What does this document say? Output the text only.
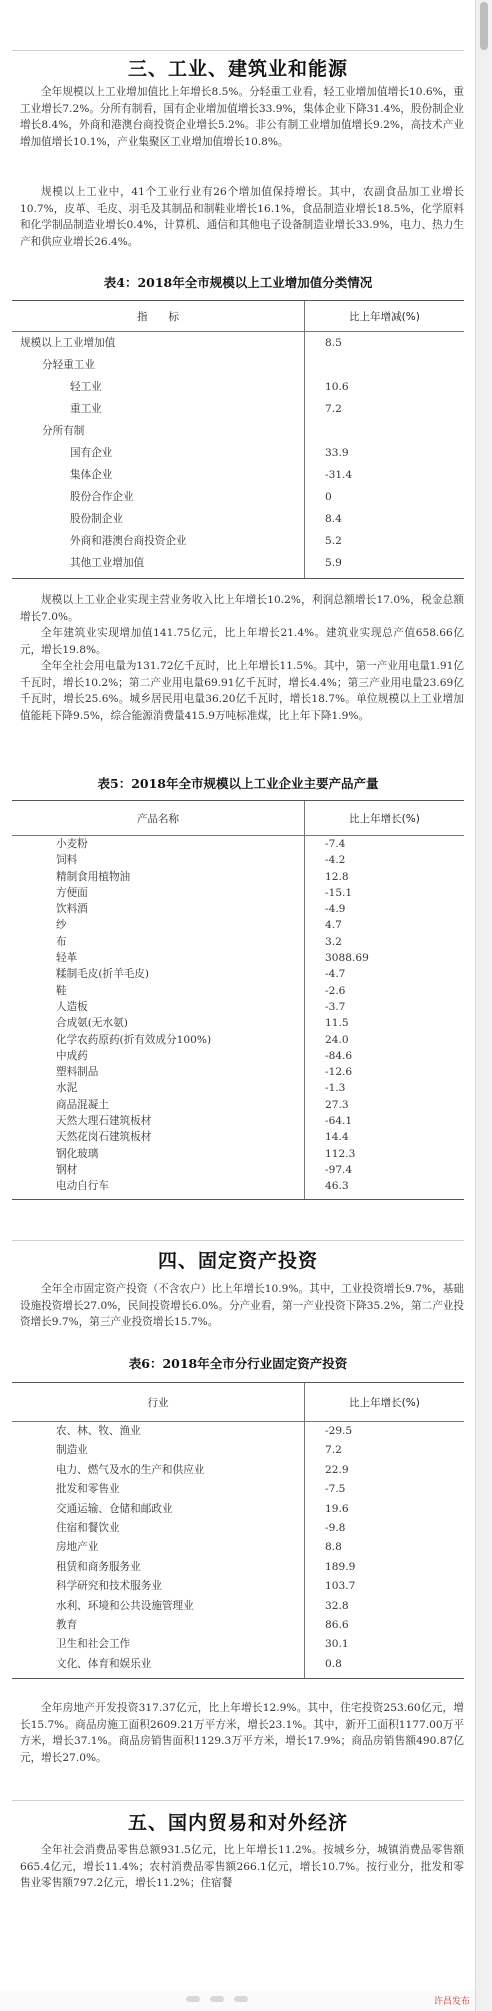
三、工业、建筑业和能源

全年规模以上工业增加值比上年增长8.5%。分轻重工业看，轻工业增加值增长10.6%，重工业增长7.2%。分所有制看，国有企业增加值增长33.9%，集体企业下降31.4%，股份制企业增长8.4%，外商和港澳台商投资企业增长5.2%。非公有制工业增加值增长9.2%，高技术产业增加值增长10.1%，产业集聚区工业增加值增长10.8%。

规模以上工业中，41个工业行业有26个增加值保持增长。其中，农副食品加工业增长10.7%，皮革、毛皮、羽毛及其制品和制鞋业增长16.1%，食品制造业增长18.5%，化学原料和化学制品制造业增长0.4%，计算机、通信和其他电子设备制造业增长33.9%，电力、热力生产和供应业增长26.4%。

表4：2018年全市规模以上工业增加值分类情况

指　　标	比上年增减(%)
规模以上工业增加值	8.5
分轻重工业
轻工业	10.6
重工业	7.2
分所有制
国有企业	33.9
集体企业	-31.4
股份合作企业	0
股份制企业	8.4
外商和港澳台商投资企业	5.2
其他工业增加值	5.9

规模以上工业企业实现主营业务收入比上年增长10.2%，利润总额增长17.0%，税金总额增长7.0%。

全年建筑业实现增加值141.75亿元，比上年增长21.4%。建筑业实现总产值658.66亿元，增长19.8%。

全年全社会用电量为131.72亿千瓦时，比上年增长11.5%。其中，第一产业用电量1.91亿千瓦时，增长10.2%；第二产业用电量69.91亿千瓦时，增长4.4%；第三产业用电量23.69亿千瓦时，增长25.6%。城乡居民用电量36.20亿千瓦时，增长18.7%。单位规模以上工业增加值能耗下降9.5%，综合能源消费量415.9万吨标准煤，比上年下降1.9%。

表5：2018年全市规模以上工业企业主要产品产量

产品名称	比上年增长(%)
小麦粉	-7.4
饲料	-4.2
精制食用植物油	12.8
方便面	-15.1
饮料酒	-4.9
纱	4.7
布	3.2
轻革	3088.69
糅制毛皮(折羊毛皮)	-4.7
鞋	-2.6
人造板	-3.7
合成氨(无水氨)	11.5
化学农药原药(折有效成分100%)	24.0
中成药	-84.6
塑料制品	-12.6
水泥	-1.3
商品混凝土	27.3
天然大理石建筑板材	-64.1
天然花岗石建筑板材	14.4
钢化玻璃	112.3
钢材	-97.4
电动自行车	46.3
四、固定资产投资

全年全市固定资产投资（不含农户）比上年增长10.9%。其中，工业投资增长9.7%，基础设施投资增长27.0%，民间投资增长6.0%。分产业看，第一产业投资下降35.2%，第二产业投资增长9.7%，第三产业投资增长15.7%。

表6：2018年全市分行业固定资产投资

行业	比上年增长(%)
农、林、牧、渔业	-29.5
制造业	7.2
电力、燃气及水的生产和供应业	22.9
批发和零售业	-7.5
交通运输、仓储和邮政业	19.6
住宿和餐饮业	-9.8
房地产业	8.8
租赁和商务服务业	189.9
科学研究和技术服务业	103.7
水利、环境和公共设施管理业	32.8
教育	86.6
卫生和社会工作	30.1
文化、体育和娱乐业	0.8

全年房地产开发投资317.37亿元，比上年增长12.9%。其中，住宅投资253.60亿元，增长15.7%。商品房施工面积2609.21万平方米，增长23.1%。其中，新开工面积1177.00万平方米，增长37.1%。商品房销售面积1129.3万平方米，增长17.9%；商品房销售额490.87亿元，增长27.0%。

五、国内贸易和对外经济

全年社会消费品零售总额931.5亿元，比上年增长11.2%。按城乡分，城镇消费品零售额665.4亿元，增长11.4%；农村消费品零售额266.1亿元，增长10.7%。按行业分，批发和零售业零售额797.2亿元，增长11.2%；住宿餐

许昌发布
